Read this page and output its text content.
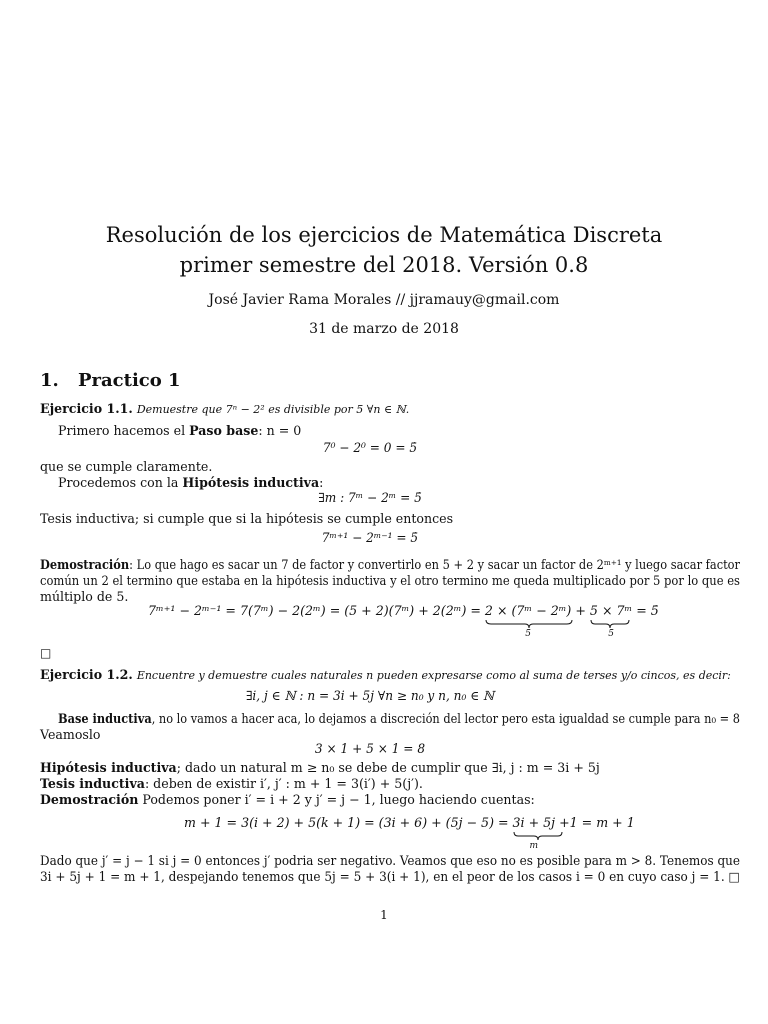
Resolución de los ejercicios de Matemática Discreta
primer semestre del 2018. Versión 0.8
José Javier Rama Morales // jjramauy@gmail.com
31 de marzo de 2018
1. Practico 1
Ejercicio 1.1. Demuestre que 7ⁿ − 2² es divisible por 5 ∀n ∈ ℕ.
Primero hacemos el Paso base: n = 0
7⁰ − 2⁰ = 0 = 5̇
que se cumple claramente.
Procedemos con la Hipótesis inductiva:
∃m : 7ᵐ − 2ᵐ = 5̇
Tesis inductiva; si cumple que si la hipótesis se cumple entonces
7ᵐ⁺¹ − 2ᵐ⁻¹ = 5̇
Demostración: Lo que hago es sacar un 7 de factor y convertirlo en 5 + 2 y sacar un factor de 2ᵐ⁺¹ y luego sacar factor
común un 2 el termino que estaba en la hipótesis inductiva y el otro termino me queda multiplicado por 5 por lo que es
múltiplo de 5.
7ᵐ⁺¹ − 2ᵐ⁻¹ = 7(7ᵐ) − 2(2ᵐ) = (5 + 2)(7ᵐ) + 2(2ᵐ) = 2 × (7ᵐ − 2ᵐ)
5̇
+ 5 × 7ᵐ
5̇
= 5̇
□
Ejercicio 1.2. Encuentre y demuestre cuales naturales n pueden expresarse como al suma de terses y/o cincos, es decir:
∃i, j ∈ ℕ : n = 3i + 5j ∀n ≥ n₀ y n, n₀ ∈ ℕ
Base inductiva, no lo vamos a hacer aca, lo dejamos a discreción del lector pero esta igualdad se cumple para n₀ = 8
Veamoslo
3 × 1 + 5 × 1 = 8
Hipótesis inductiva; dado un natural m ≥ n₀ se debe de cumplir que ∃i, j : m = 3i + 5j
Tesis inductiva: deben de existir i′, j′ : m + 1 = 3(i′) + 5(j′).
Demostración Podemos poner i′ = i + 2 y j′ = j − 1, luego haciendo cuentas:
m + 1 = 3(i + 2) + 5(k + 1) = (3i + 6) + (5j − 5) = 3i + 5j
m
+1 = m + 1
Dado que j′ = j − 1 si j = 0 entonces j′ podria ser negativo. Veamos que eso no es posible para m > 8. Tenemos que
3i + 5j + 1 = m + 1, despejando tenemos que 5j = 5 + 3(i + 1), en el peor de los casos i = 0 en cuyo caso j = 1. □
1
